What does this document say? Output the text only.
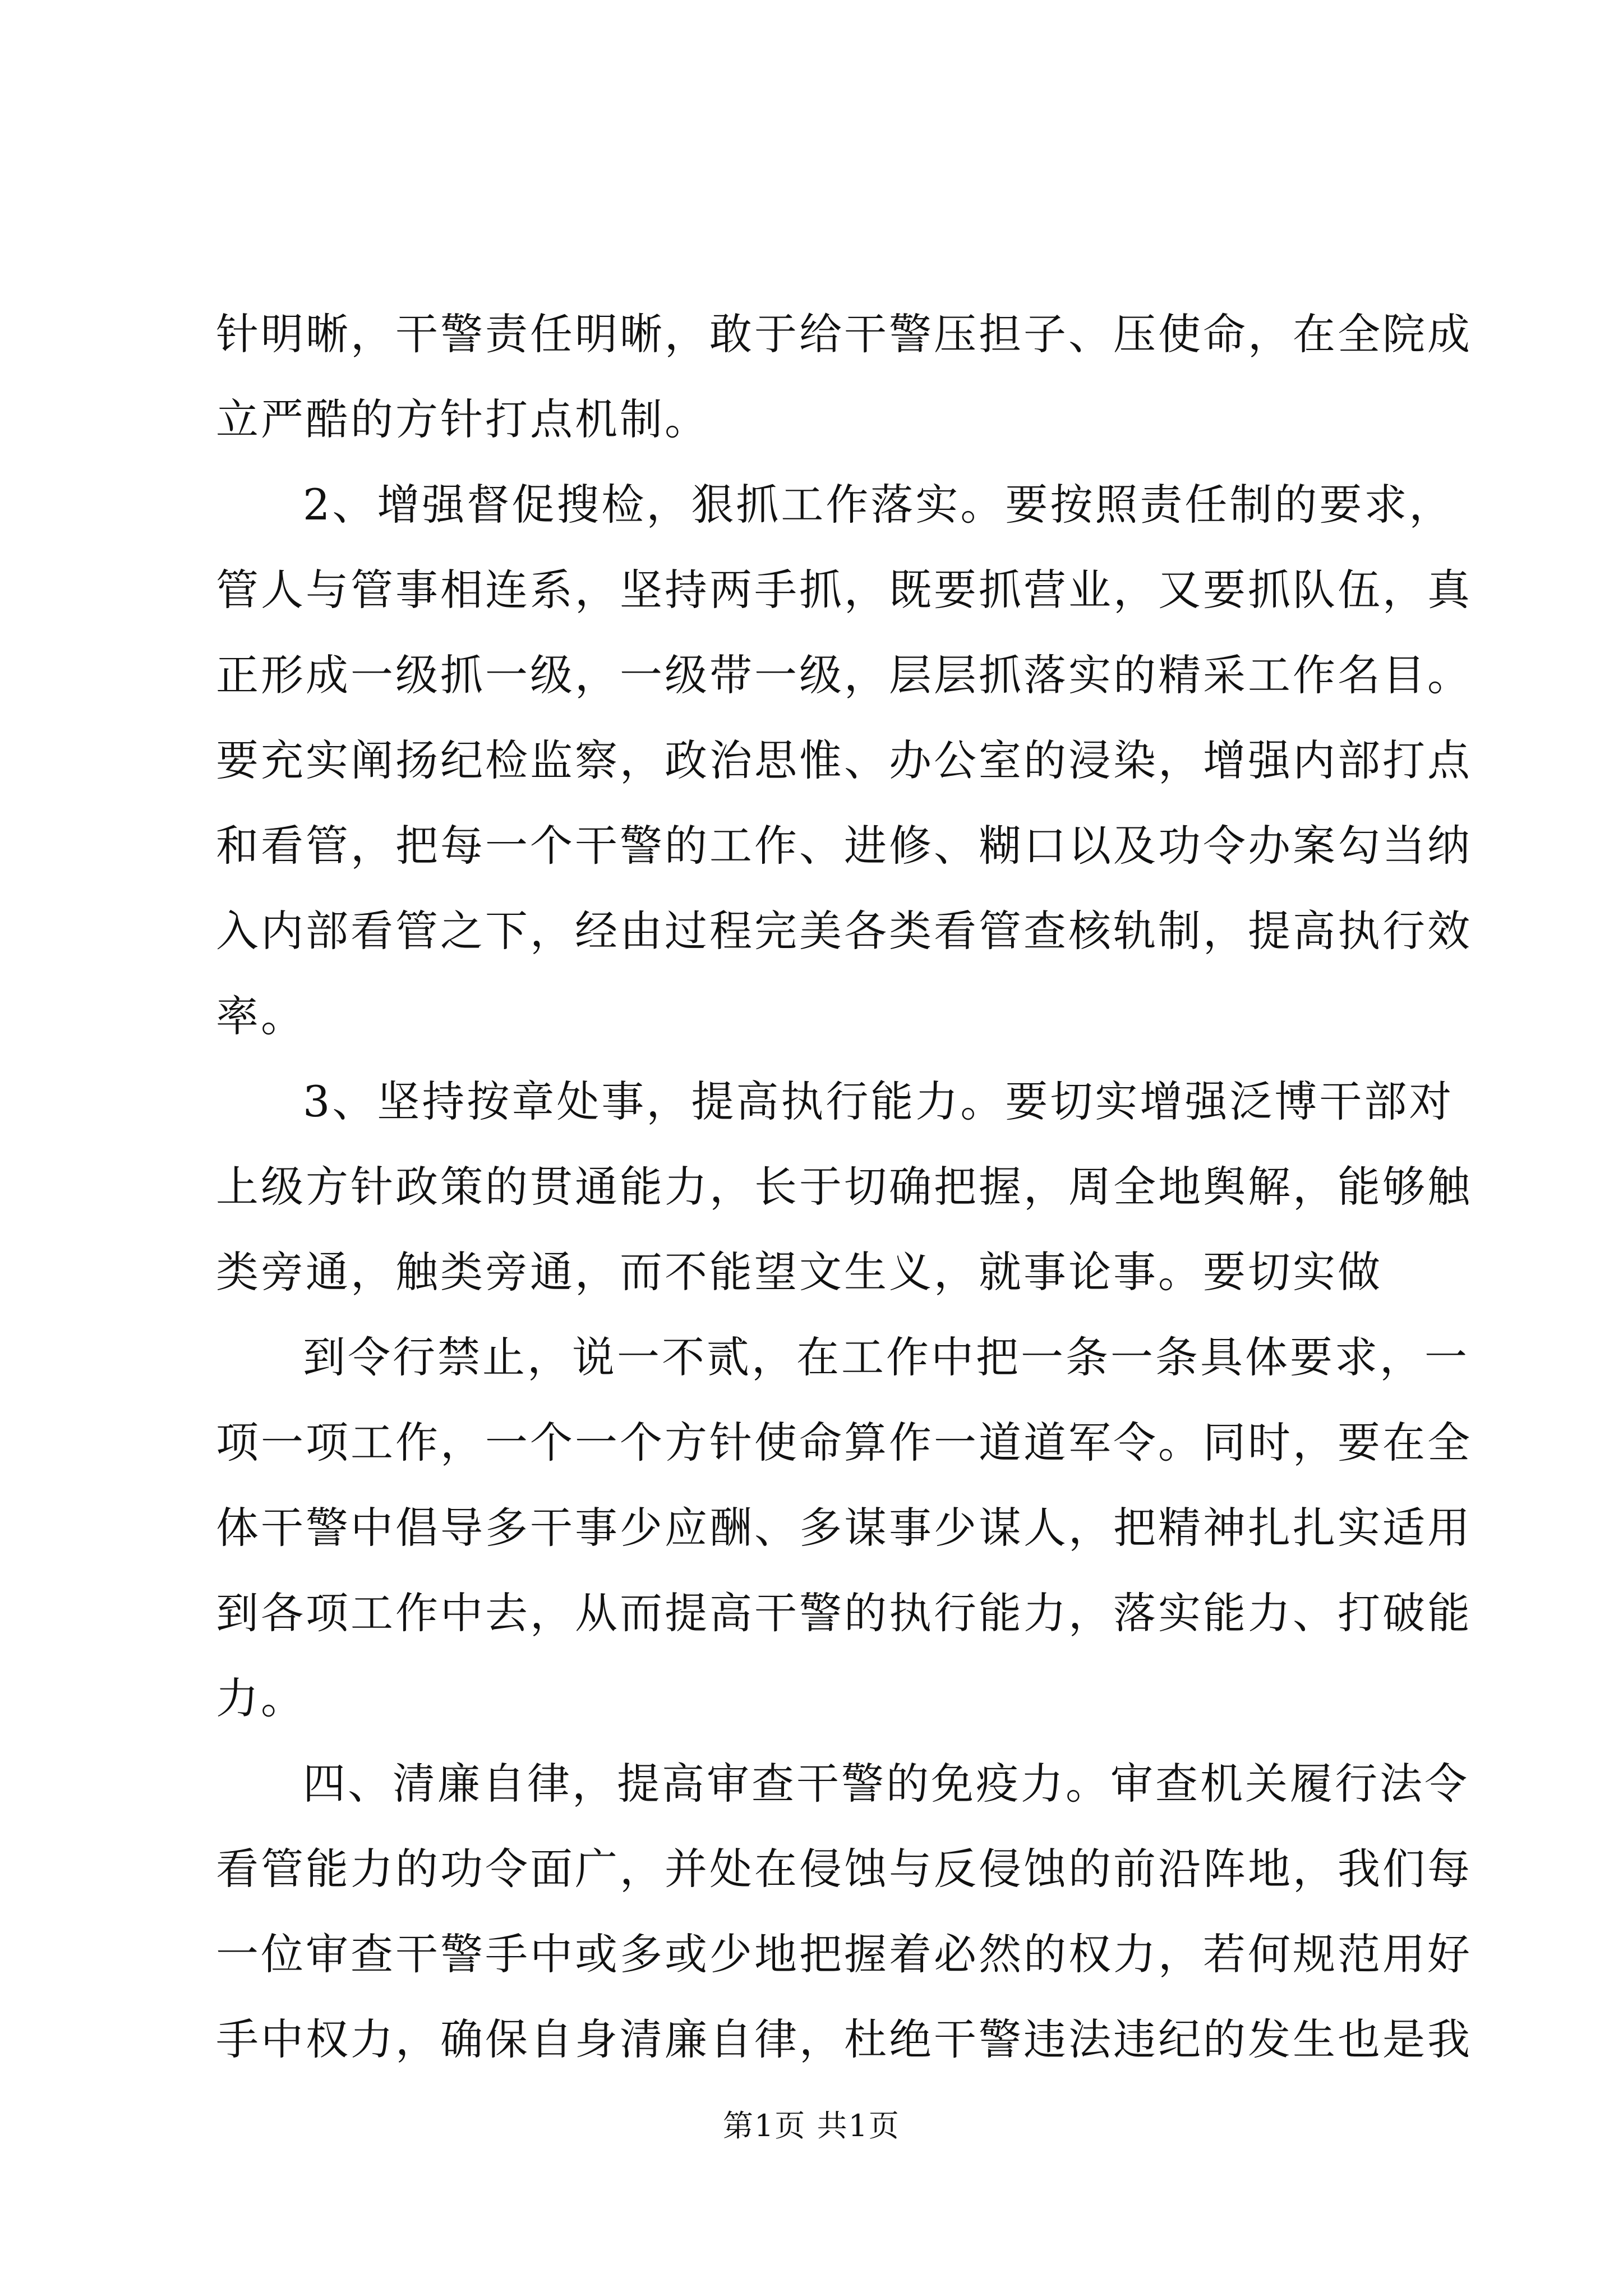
针明晰，干警责任明晰，敢于给干警压担子、压使命，在全院成
立严酷的方针打点机制。
2、增强督促搜检，狠抓工作落实。要按照责任制的要求，
管人与管事相连系，坚持两手抓，既要抓营业，又要抓队伍，真
正形成一级抓一级，一级带一级，层层抓落实的精采工作名目。
要充实阐扬纪检监察，政治思惟、办公室的浸染，增强内部打点
和看管，把每一个干警的工作、进修、糊口以及功令办案勾当纳
入内部看管之下，经由过程完美各类看管查核轨制，提高执行效
率。
3、坚持按章处事，提高执行能力。要切实增强泛博干部对
上级方针政策的贯通能力，长于切确把握，周全地舆解，能够触
类旁通，触类旁通，而不能望文生义，就事论事。要切实做
到令行禁止，说一不贰，在工作中把一条一条具体要求，一
项一项工作，一个一个方针使命算作一道道军令。同时，要在全
体干警中倡导多干事少应酬、多谋事少谋人，把精神扎扎实适用
到各项工作中去，从而提高干警的执行能力，落实能力、打破能
力。
四、清廉自律，提高审查干警的免疫力。审查机关履行法令
看管能力的功令面广，并处在侵蚀与反侵蚀的前沿阵地，我们每
一位审查干警手中或多或少地把握着必然的权力，若何规范用好
手中权力，确保自身清廉自律，杜绝干警违法违纪的发生也是我
第1页 共1页
